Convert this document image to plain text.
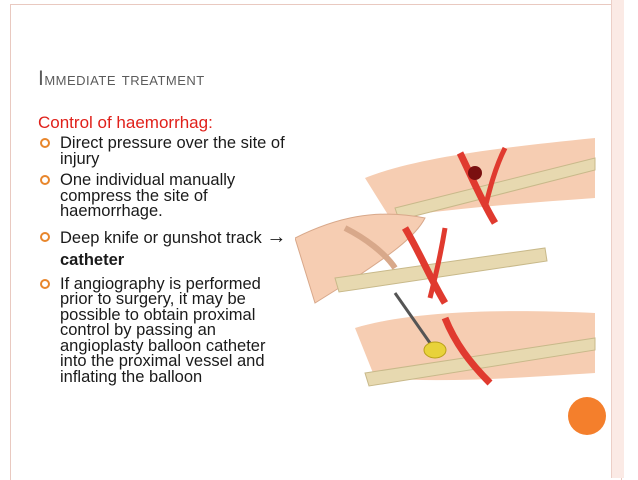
Immediate treatment
Control of haemorrhag:
Direct pressure over the site of injury
One individual manually compress the site of haemorrhage.
Deep knife or gunshot track → catheter
If angiography is performed prior to surgery, it may be possible to obtain proximal control by passing an angioplasty balloon catheter into the proximal vessel and inflating the balloon
